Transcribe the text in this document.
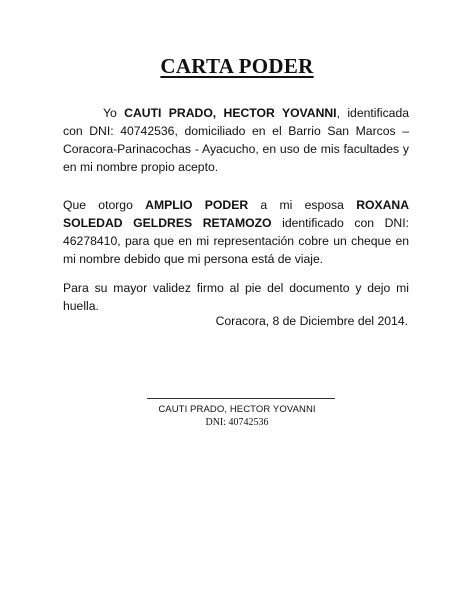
CARTA PODER
Yo CAUTI PRADO, HECTOR YOVANNI, identificada con DNI: 40742536, domiciliado en el Barrio San Marcos – Coracora-Parinacochas - Ayacucho, en uso de mis facultades y en mi nombre propio acepto.
Que otorgo AMPLIO PODER a mi esposa ROXANA SOLEDAD GELDRES RETAMOZO identificado con DNI: 46278410, para que en mi representación cobre un cheque en mi nombre debido que mi persona está de viaje.
Para su mayor validez firmo al pie del documento y dejo mi huella.
Coracora, 8 de Diciembre del 2014.
CAUTI PRADO, HECTOR YOVANNI
DNI: 40742536
